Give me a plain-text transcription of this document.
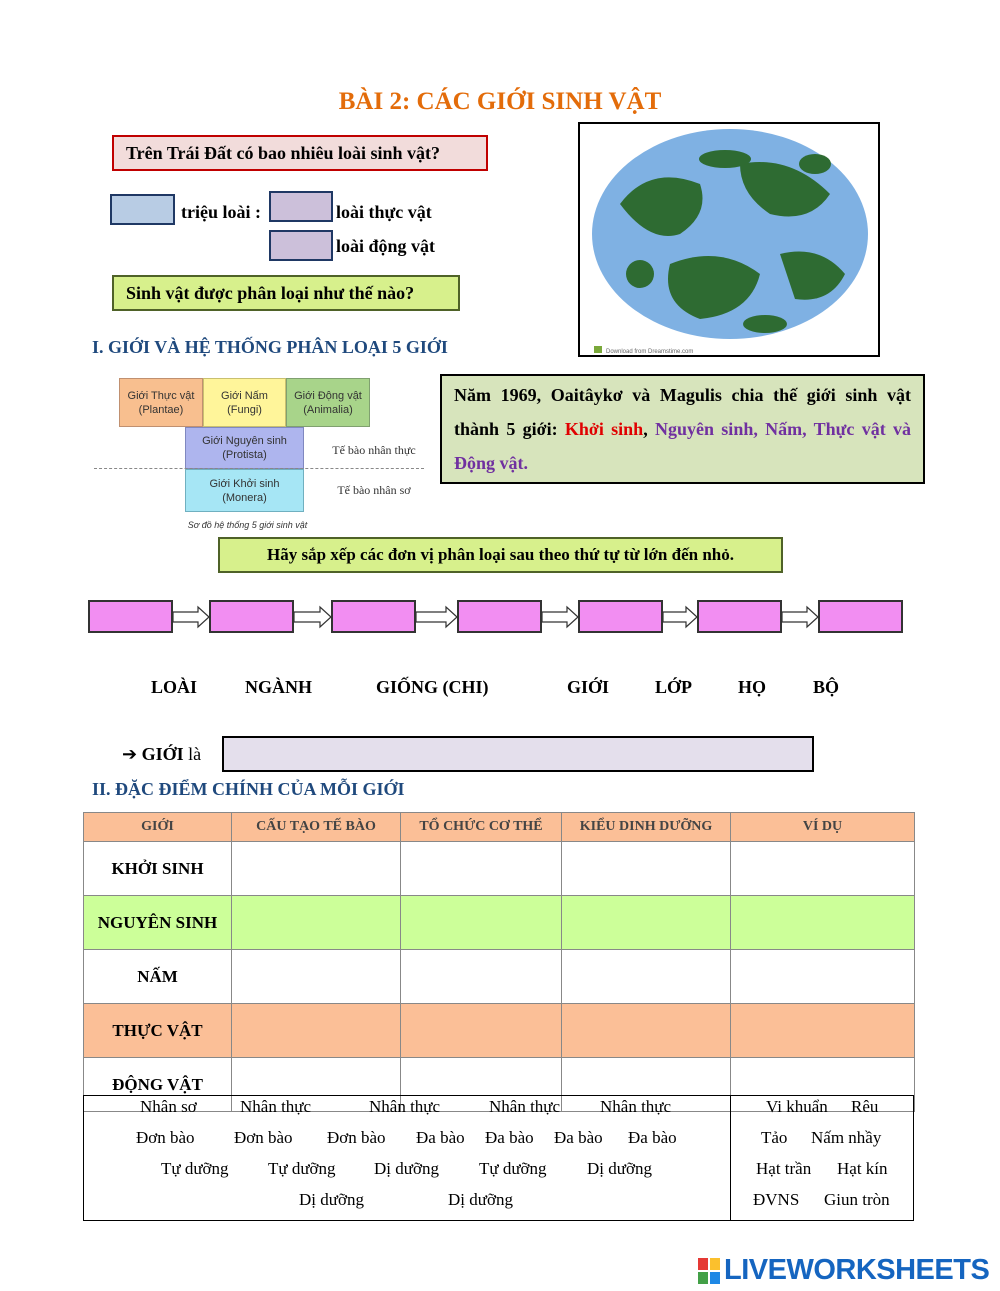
BÀI 2: CÁC GIỚI SINH VẬT
Trên Trái Đất có bao nhiêu loài sinh vật?
triệu loài :	loài thực vật
loài động vật
Sinh vật được phân loại như thế nào?
Download from Dreamstime.com
I. GIỚI VÀ HỆ THỐNG PHÂN LOẠI 5 GIỚI
Giới Thực vật
(Plantae)
Giới Nấm
(Fungi)
Giới Động vật
(Animalia)
Giới Nguyên sinh
(Protista)
Giới Khởi sinh
(Monera)
Tế bào nhân thực
Tế bào nhân sơ
Sơ đồ hệ thống 5 giới sinh vật
Năm 1969, Oaitâykơ và Magulis chia thế giới sinh vật thành 5 giới: Khởi sinh, Nguyên sinh, Nấm, Thực vật và Động vật.
Hãy sắp xếp các đơn vị phân loại sau theo thứ tự từ lớn đến nhỏ.
LOÀI	NGÀNH	GIỐNG (CHI)	GIỚI	LỚP	HỌ	BỘ
➔ GIỚI là
II. ĐẶC ĐIỂM CHÍNH CỦA MỖI GIỚI
GIỚI	CẤU TẠO TẾ BÀO	TỔ CHỨC CƠ THỂ	KIỂU DINH DƯỠNG	VÍ DỤ
KHỞI SINH				
NGUYÊN SINH				
NẤM				
THỰC VẬT				
ĐỘNG VẬT				
Nhân sơ	Nhân thực	Nhân thực	Nhân thực Nhân thực
Đơn bào Đơn bào Đơn bào Đa bào Đa bào Đa bào Đa bào
Tự dưỡng Tự dưỡng Dị dưỡng Tự dưỡng Dị dưỡng
Dị dưỡng	Dị dưỡng
Vi khuẩn Rêu
Tảo Nấm nhầy
Hạt trần Hạt kín
ĐVNS Giun tròn
LIVEWORKSHEETS
